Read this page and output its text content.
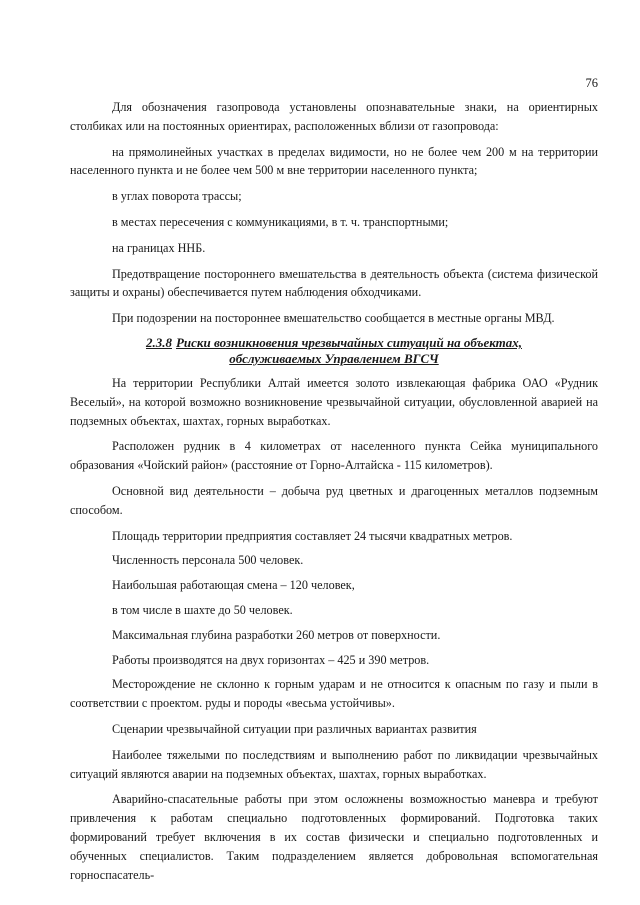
76

Для обозначения газопровода установлены опознавательные знаки, на ориентирных столбиках или на постоянных ориентирах, расположенных вблизи от газопровода:

на прямолинейных участках в пределах видимости, но не более чем 200 м на территории населенного пункта и не более чем 500 м вне территории населенного пункта;

в углах поворота трассы;

в местах пересечения с коммуникациями, в т. ч. транспортными;

на границах ННБ.

Предотвращение постороннего вмешательства в деятельность объекта (система физической защиты и охраны) обеспечивается путем наблюдения обходчиками.

При подозрении на постороннее вмешательство сообщается в местные органы МВД.

2.3.8 Риски возникновения чрезвычайных ситуаций на объектах,
обслуживаемых Управлением ВГСЧ

На территории Республики Алтай имеется золото извлекающая фабрика ОАО «Рудник Веселый», на которой возможно возникновение чрезвычайной ситуации, обусловленной аварией на подземных объектах, шахтах, горных выработках.

Расположен рудник в 4 километрах от населенного пункта Сейка муниципального образования «Чойский район» (расстояние от Горно-Алтайска - 115 километров).

Основной вид деятельности – добыча руд цветных и драгоценных металлов подземным способом.

Площадь территории предприятия составляет 24 тысячи квадратных метров.

Численность персонала 500 человек.

Наибольшая работающая смена – 120 человек,

в том числе в шахте до 50 человек.

Максимальная глубина разработки 260 метров от поверхности.

Работы производятся на двух горизонтах – 425 и 390 метров.

Месторождение не склонно к горным ударам и не относится к опасным по газу и пыли в соответствии с проектом. руды и породы «весьма устойчивы».

Сценарии чрезвычайной ситуации при различных вариантах развития

Наиболее тяжелыми по последствиям и выполнению работ по ликвидации чрезвычайных ситуаций являются аварии на подземных объектах, шахтах, горных выработках.

Аварийно-спасательные работы при этом осложнены возможностью маневра и требуют привлечения к работам специально подготовленных формирований. Подготовка таких формирований требует включения в их состав физически и специально подготовленных и обученных специалистов. Таким подразделением является добровольная вспомогательная горноспасатель-
